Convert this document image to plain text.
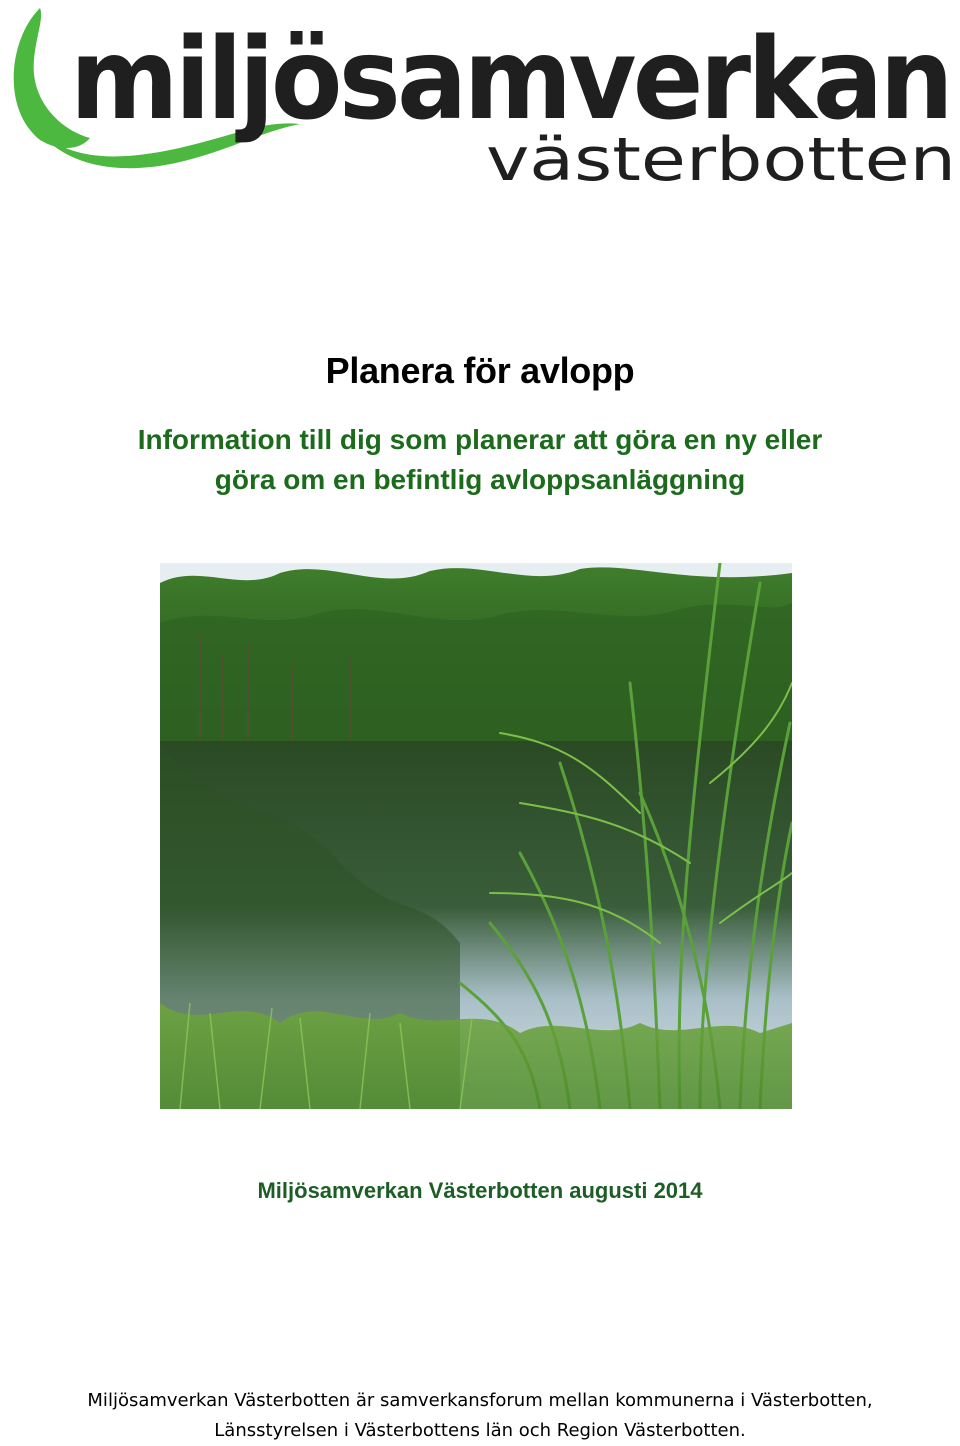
miljösamverkan
västerbotten
Planera för avlopp
Information till dig som planerar att göra en ny eller
göra om en befintlig avloppsanläggning

Miljösamverkan Västerbotten augusti 2014

Miljösamverkan Västerbotten är samverkansforum mellan kommunerna i Västerbotten,
Länsstyrelsen i Västerbottens län och Region Västerbotten.
